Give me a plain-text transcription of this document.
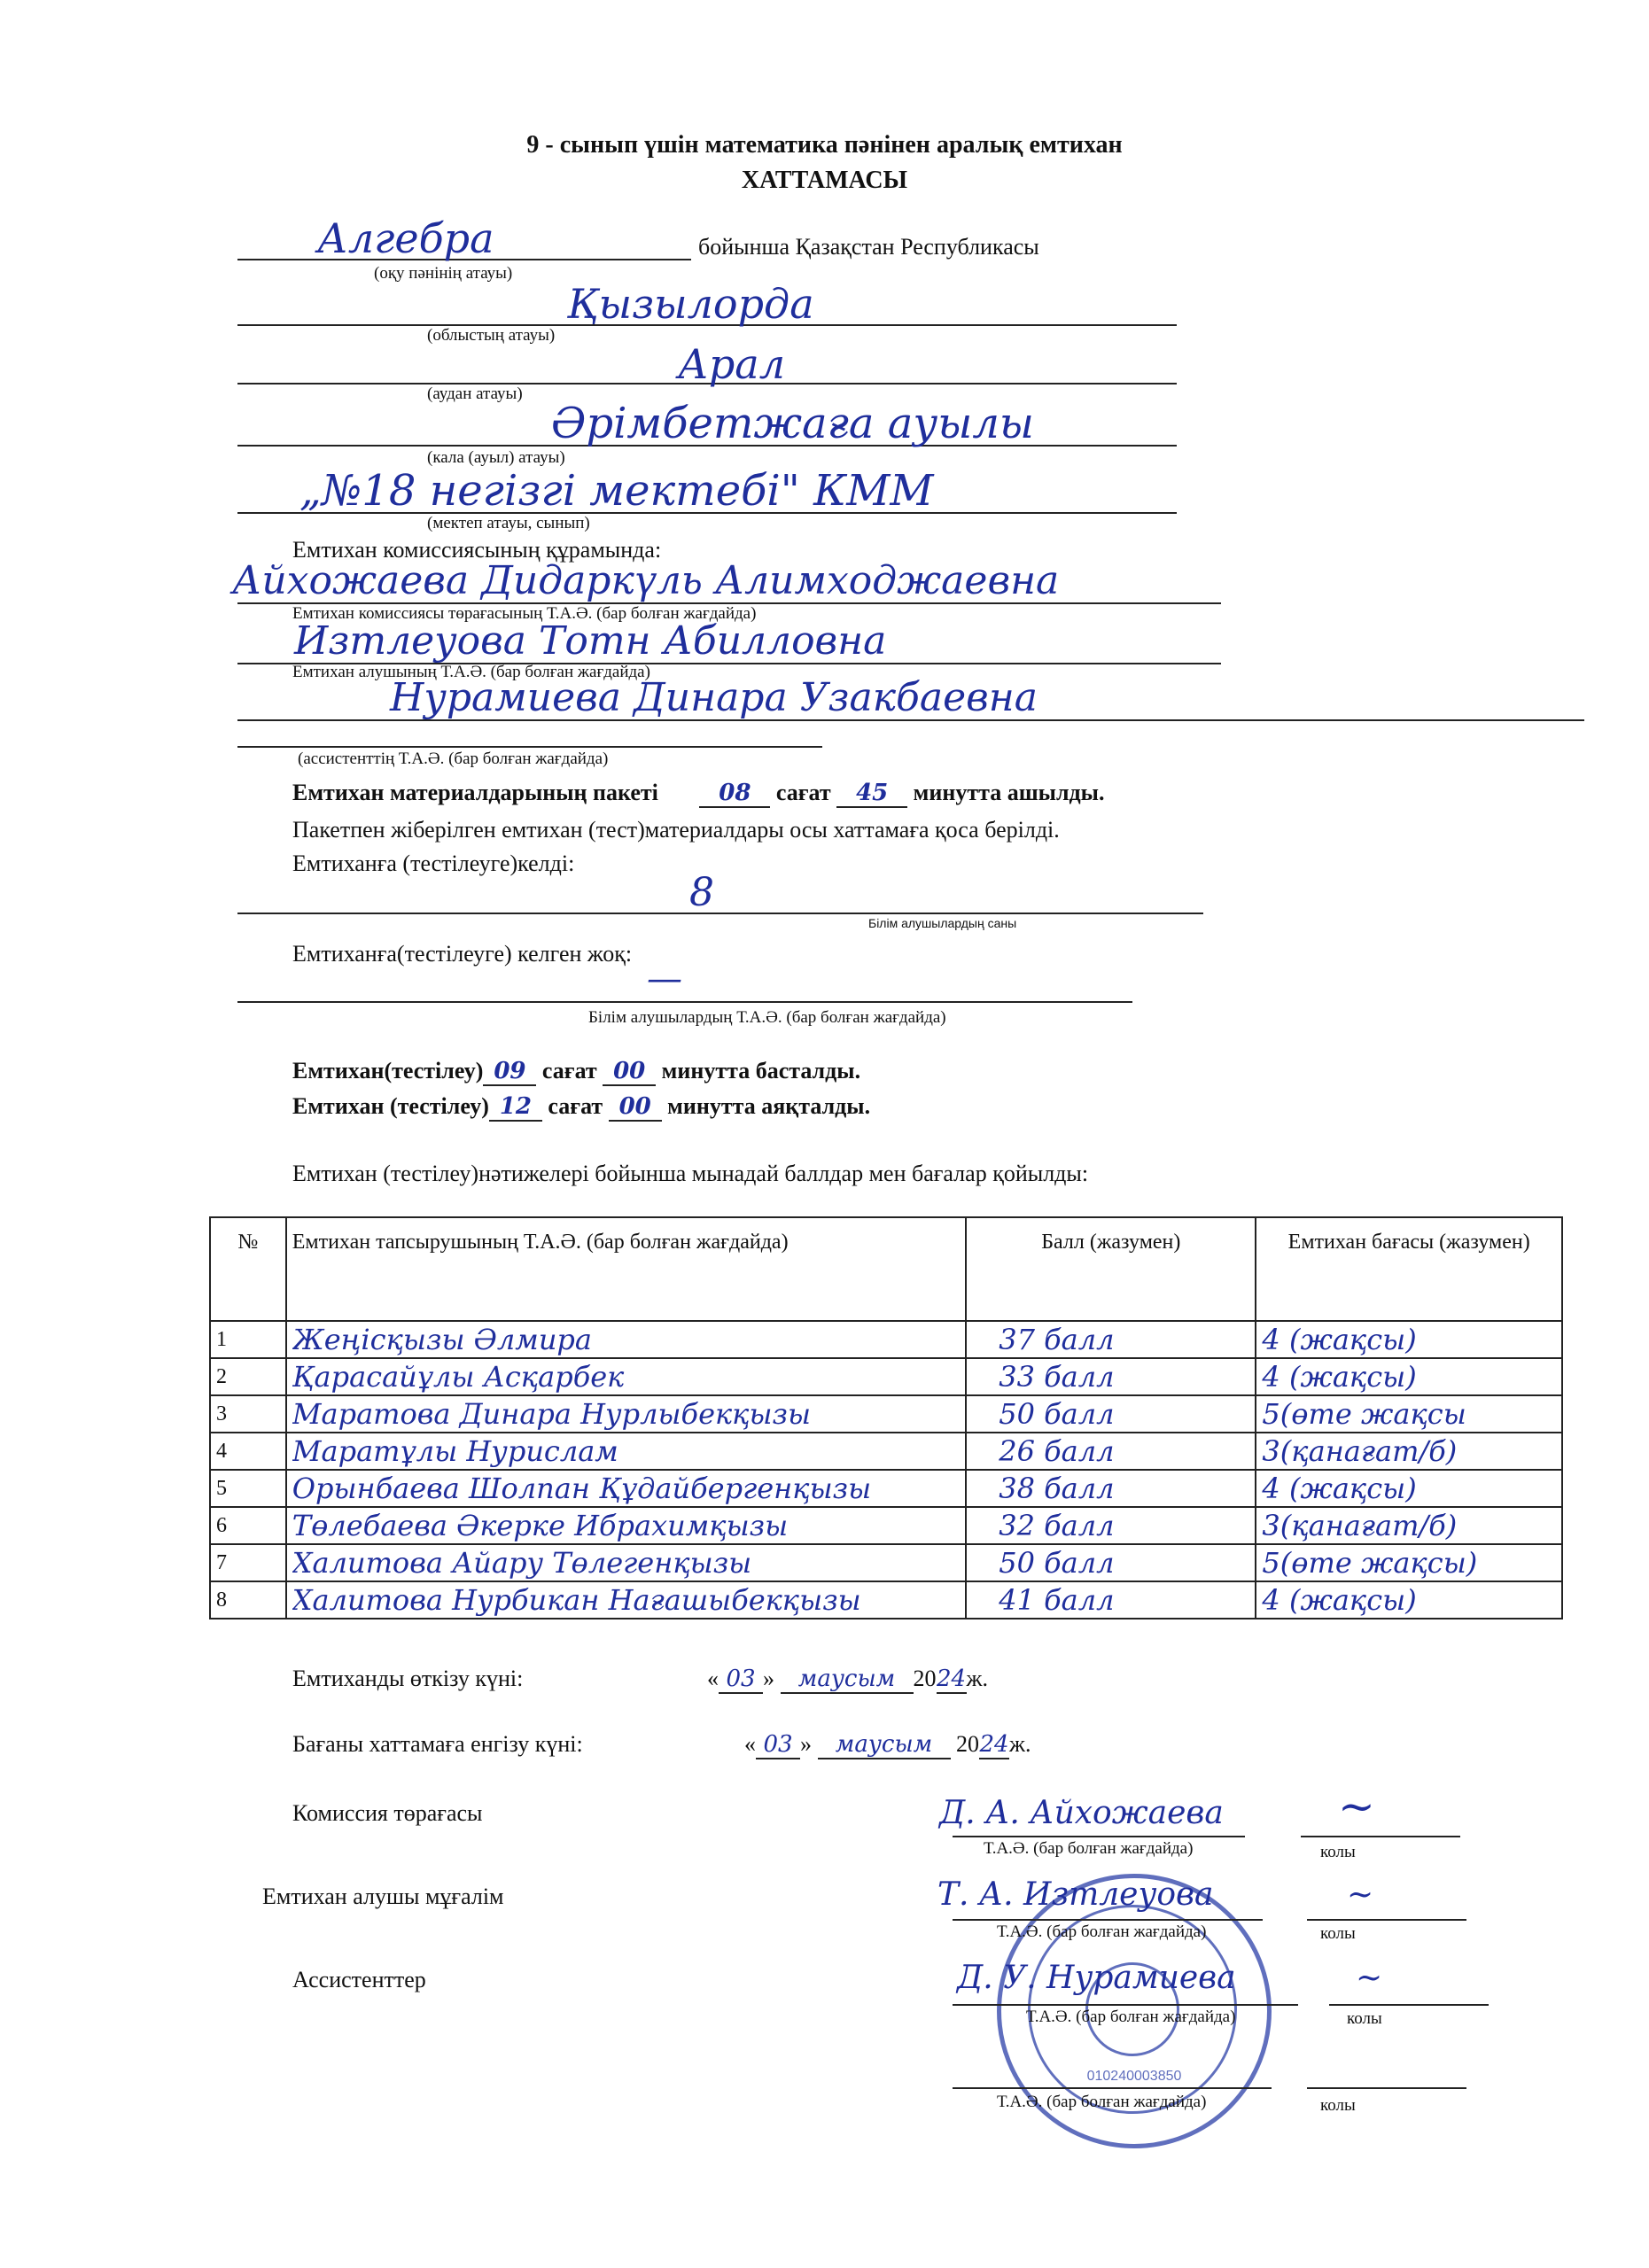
9 - сынып үшін математика пәнінен аралық емтихан
ХАТТАМАСЫ
Алгебра	бойынша Қазақстан Республикасы
(оқу пәнінің атауы)
Қызылорда
(облыстың атауы)
Арал
(аудан атауы)
Әрімбетжаға ауылы
(кала (ауыл) атауы)
„№18 негізгі мектебі" КММ
(мектеп атауы, сынып)
Емтихан комиссиясының құрамында:
Айхожаева Дидаркүль Алимходжаевна
Емтихан комиссиясы төрағасының Т.А.Ә. (бар болған жағдайда)
Изтлеуова Тотн Абилловна
Емтихан алушының Т.А.Ә. (бар болған жағдайда)
Нурамиева Динара Узакбаевна
(ассистенттің Т.А.Ә. (бар болған жағдайда)
Емтихан материалдарының пакеті	08 сағат 45 минутта ашылды.
Пакетпен жіберілген емтихан (тест)материалдары осы хаттамаға қоса берілді.
Емтиханға (тестілеуге)келді:
8
Білім алушылардың саны
Емтиханға(тестілеуге) келген жоқ:
—
Білім алушылардың Т.А.Ә. (бар болған жағдайда)
Емтихан(тестілеу) 09 сағат 00 минутта басталды.
Емтихан (тестілеу) 12 сағат 00 минутта аяқталды.
Емтихан (тестілеу)нәтижелері бойынша мынадай баллдар мен бағалар қойылды:
№	Емтихан тапсырушының Т.А.Ә. (бар болған жағдайда)	Балл (жазумен)	Емтихан бағасы (жазумен)

1	Жеңісқызы Әлмира	37 балл	4 (жақсы)

2	Қарасайұлы Асқарбек	33 балл	4 (жақсы)

3	Маратова Динара Нурлыбекқызы	50 балл	5(өте жақсы

4	Маратұлы Нурислам	26 балл	3(қанағат/б)

5	Орынбаева Шолпан Құдайбергенқызы	38 балл	4 (жақсы)

6	Төлебаева Әкерке Ибрахимқызы	32 балл	3(қанағат/б)

7	Халитова Айару Төлегенқызы	50 балл	5(өте жақсы)

8	Халитова Нурбикан Нағашыбекқызы	41 балл	4 (жақсы)
Емтиханды өткізу күні:	« 03 » маусым 2024ж.
Бағаны хаттамаға енгізу күні:	« 03 » маусым 2024ж.
010240003850
Комиссия төрағасы	Д. А. Айхожаева
Т.А.Ә. (бар болған жағдайда)
~
колы
Емтихан алушы мұғалім	Т. А. Изтлеуова
Т.А.Ә. (бар болған жағдайда)
~
колы
Ассистенттер	Д. У. Нурамиева
Т.А.Ә. (бар болған жағдайда)
~
колы
Т.А.Ә. (бар болған жағдайда)	колы
